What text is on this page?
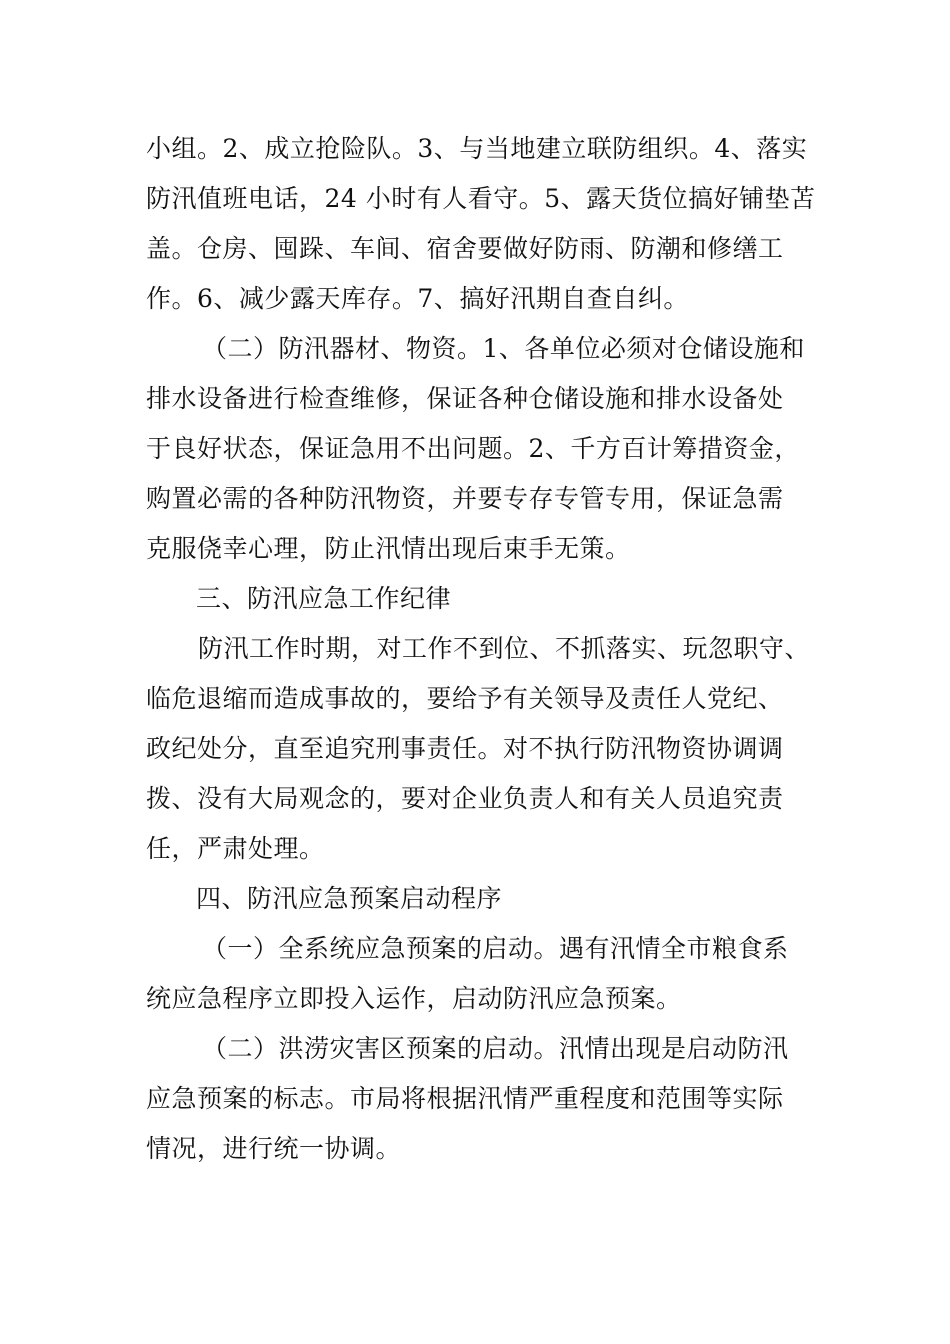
小组。2、成立抢险队。3、与当地建立联防组织。4、落实
防汛值班电话，24 小时有人看守。5、露天货位搞好铺垫苫
盖。仓房、囤跺、车间、宿舍要做好防雨、防潮和修缮工
作。6、减少露天库存。7、搞好汛期自查自纠。
（二）防汛器材、物资。1、各单位必须对仓储设施和
排水设备进行检查维修，保证各种仓储设施和排水设备处
于良好状态，保证急用不出问题。2、千方百计筹措资金，
购置必需的各种防汛物资，并要专存专管专用，保证急需
克服侥幸心理，防止汛情出现后束手无策。
三、防汛应急工作纪律
防汛工作时期，对工作不到位、不抓落实、玩忽职守、
临危退缩而造成事故的，要给予有关领导及责任人党纪、
政纪处分，直至追究刑事责任。对不执行防汛物资协调调
拨、没有大局观念的，要对企业负责人和有关人员追究责
任，严肃处理。
四、防汛应急预案启动程序
（一）全系统应急预案的启动。遇有汛情全市粮食系
统应急程序立即投入运作，启动防汛应急预案。
（二）洪涝灾害区预案的启动。汛情出现是启动防汛
应急预案的标志。市局将根据汛情严重程度和范围等实际
情况，进行统一协调。
